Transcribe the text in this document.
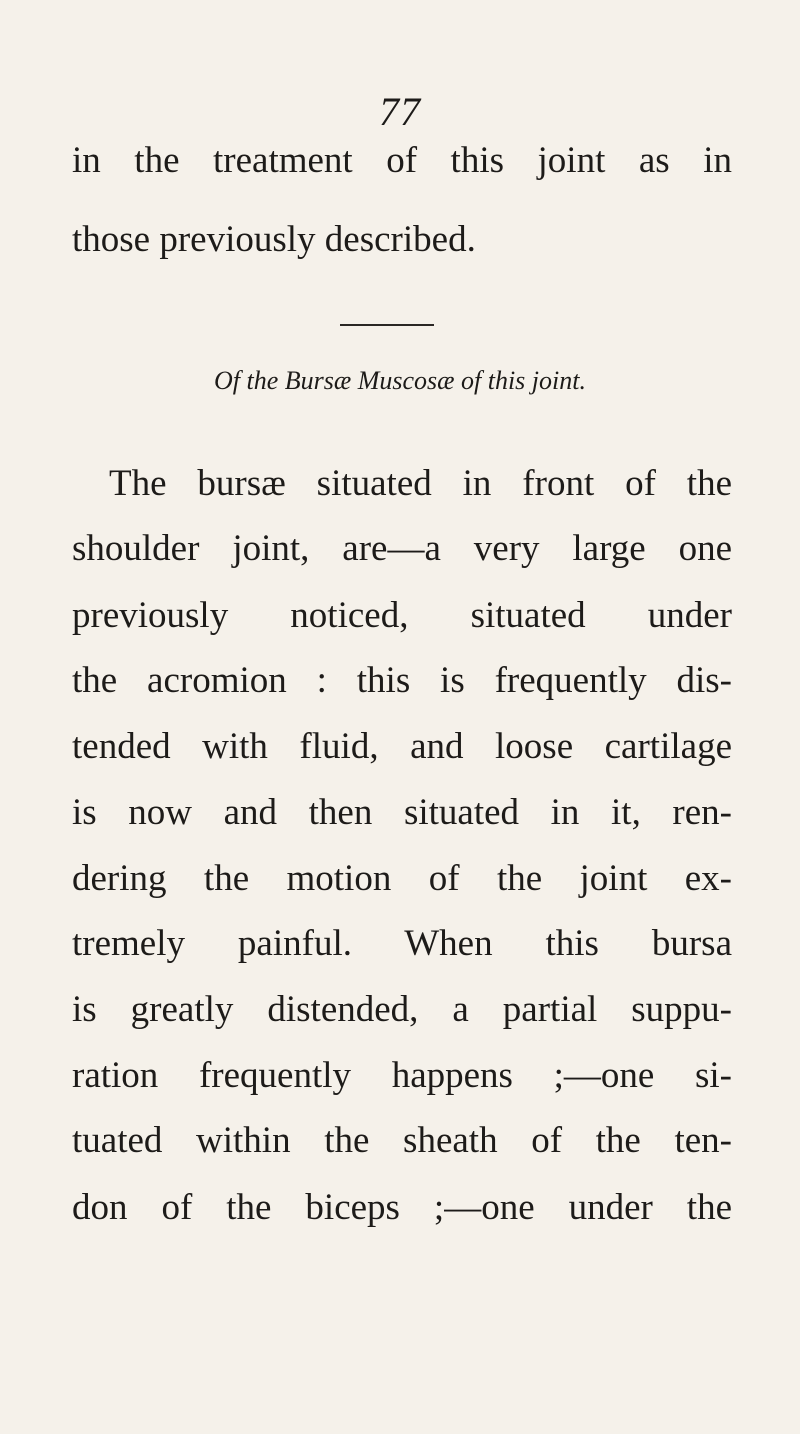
77
in the treatment of this joint as in
those previously described.
Of the Bursæ Muscosæ of this joint.
The bursæ situated in front of the
shoulder joint, are—a very large one
previously noticed, situated under
the acromion : this is frequently dis-
tended with fluid, and loose cartilage
is now and then situated in it, ren-
dering the motion of the joint ex-
tremely painful. When this bursa
is greatly distended, a partial suppu-
ration frequently happens ;—one si-
tuated within the sheath of the ten-
don of the biceps ;—one under the
